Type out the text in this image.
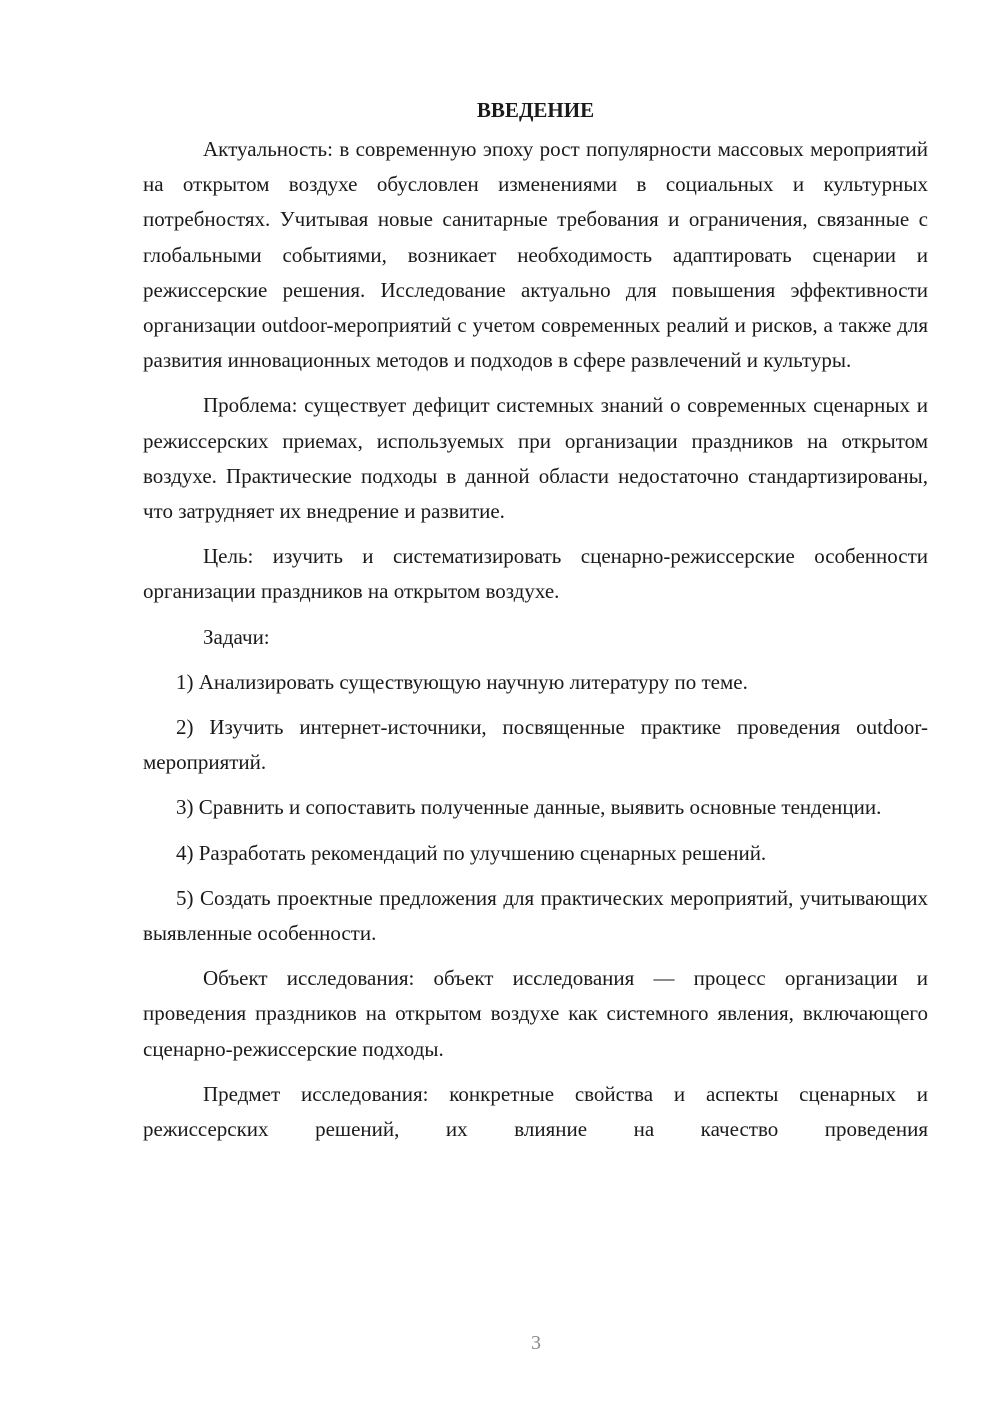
ВВЕДЕНИЕ

Актуальность: в современную эпоху рост популярности массовых мероприятий на открытом воздухе обусловлен изменениями в социальных и культурных потребностях. Учитывая новые санитарные требования и ограничения, связанные с глобальными событиями, возникает необходимость адаптировать сценарии и режиссерские решения. Исследование актуально для повышения эффективности организации outdoor-мероприятий с учетом современных реалий и рисков, а также для развития инновационных методов и подходов в сфере развлечений и культуры.

Проблема: существует дефицит системных знаний о современных сценарных и режиссерских приемах, используемых при организации праздников на открытом воздухе. Практические подходы в данной области недостаточно стандартизированы, что затрудняет их внедрение и развитие.

Цель: изучить и систематизировать сценарно-режиссерские особенности организации праздников на открытом воздухе.

Задачи:

1) Анализировать существующую научную литературу по теме.

2) Изучить интернет-источники, посвященные практике проведения outdoor-мероприятий.

3) Сравнить и сопоставить полученные данные, выявить основные тенденции.

4) Разработать рекомендаций по улучшению сценарных решений.

5) Создать проектные предложения для практических мероприятий, учитывающих выявленные особенности.

Объект исследования: объект исследования — процесс организации и проведения праздников на открытом воздухе как системного явления, включающего сценарно-режиссерские подходы.

Предмет исследования: конкретные свойства и аспекты сценарных и режиссерских решений, их влияние на качество проведения

3
